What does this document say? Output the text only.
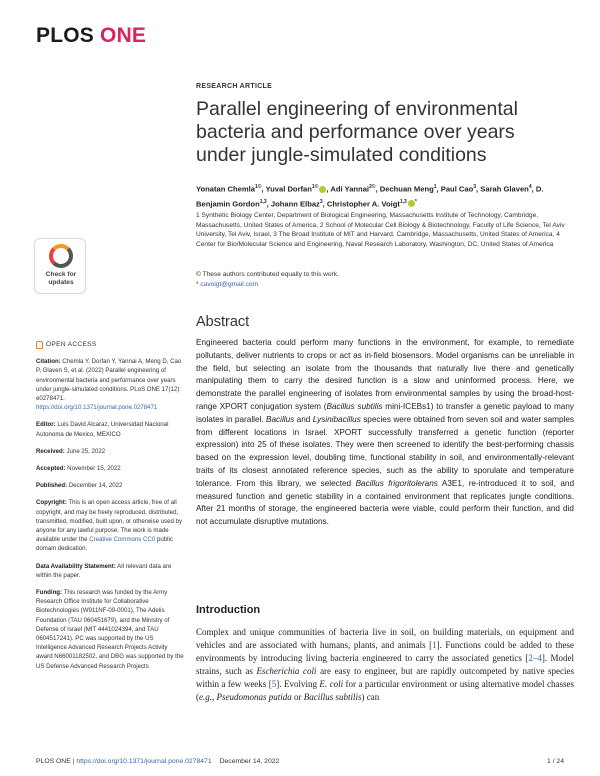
PLOS ONE
RESEARCH ARTICLE
Parallel engineering of environmental bacteria and performance over years under jungle-simulated conditions
Yonatan Chemla$^{1©}$, Yuval Dorfan$^{1©}$ , Adi Yannai$^{2©}$, Dechuan Meng$^1$, Paul Cao$^3$, Sarah Glaven$^4$, D. Benjamin Gordon$^{1,3}$, Johann Elbaz$^3$, Christopher A. Voigt$^{1,3}$ *
1 Synthetic Biology Center, Department of Biological Engineering, Massachusetts Institute of Technology, Cambridge, Massachusetts, United States of America, 2 School of Molecular Cell Biology & Biotechnology, Faculty of Life Science, Tel Aviv University, Tel Aviv, Israel, 3 The Broad Institute of MIT and Harvard, Cambridge, Massachusetts, United States of America, 4 Center for Bio/Molecular Science and Engineering, Naval Research Laboratory, Washington, DC, United States of America
© These authors contributed equally to this work.
* cavoigt@gmail.com
Check for
updates
OPEN ACCESS
Citation: Chemla Y, Dorfan Y, Yannai A, Meng D, Cao P, Glaven S, et al. (2022) Parallel engineering of environmental bacteria and performance over years under jungle-simulated conditions. PLoS ONE 17(12): e0278471. https://doi.org/10.1371/journal.pone.0278471
Editor: Luis David Alcaraz, Universidad Nacional Autonoma de Mexico, MEXICO
Received: June 25, 2022
Accepted: November 15, 2022
Published: December 14, 2022
Copyright: This is an open access article, free of all copyright, and may be freely reproduced, distributed, transmitted, modified, built upon, or otherwise used by anyone for any lawful purpose. The work is made available under the Creative Commons CC0 public domain dedication.
Data Availability Statement: All relevant data are within the paper.
Funding: This research was funded by the Army Research Office Institute for Collaborative Biotechnologies (W911NF-09-0001), The Adelis Foundation (TAU 060451679), and the Ministry of Defense of Israel (MIT 4441024394, and TAU 0604517241). PC was supported by the US Intelligence Advanced Research Projects Activity award N66001182502, and DBG was supported by the US Defense Advanced Research Projects
Abstract

Engineered bacteria could perform many functions in the environment, for example, to remediate pollutants, deliver nutrients to crops or act as in-field biosensors. Model organisms can be unreliable in the field, but selecting an isolate from the thousands that naturally live there and genetically manipulating them to carry the desired function is a slow and uninformed process. Here, we demonstrate the parallel engineering of isolates from environmental samples by using the broad-host-range XPORT conjugation system (Bacillus subtilis mini-ICEBs1) to transfer a genetic payload to many isolates in parallel. Bacillus and Lysinibacillus species were obtained from seven soil and water samples from different locations in Israel. XPORT successfully transferred a genetic function (reporter expression) into 25 of these isolates. They were then screened to identify the best-performing chassis based on the expression level, doubling time, functional stability in soil, and environmentally-relevant traits of its closest annotated reference species, such as the ability to sporulate and temperature tolerance. From this library, we selected Bacillus frigoritolerans A3E1, re-introduced it to soil, and measured function and genetic stability in a contained environment that replicates jungle conditions. After 21 months of storage, the engineered bacteria were viable, could perform their function, and did not accumulate disruptive mutations.

Introduction

Complex and unique communities of bacteria live in soil, on building materials, on equipment and vehicles and are associated with humans, plants, and animals [1]. Functions could be added to these environments by introducing living bacteria engineered to carry the associated genetics [2–4]. Model strains, such as Escherichia coli are easy to engineer, but are rapidly outcompeted by native species within a few weeks [5]. Evolving E. coli for a particular environment or using alternative model chasses (e.g., Pseudomonas putida or Bacillus subtilis) can

PLOS ONE | https://doi.org/10.1371/journal.pone.0278471 December 14, 2022	1 / 24
